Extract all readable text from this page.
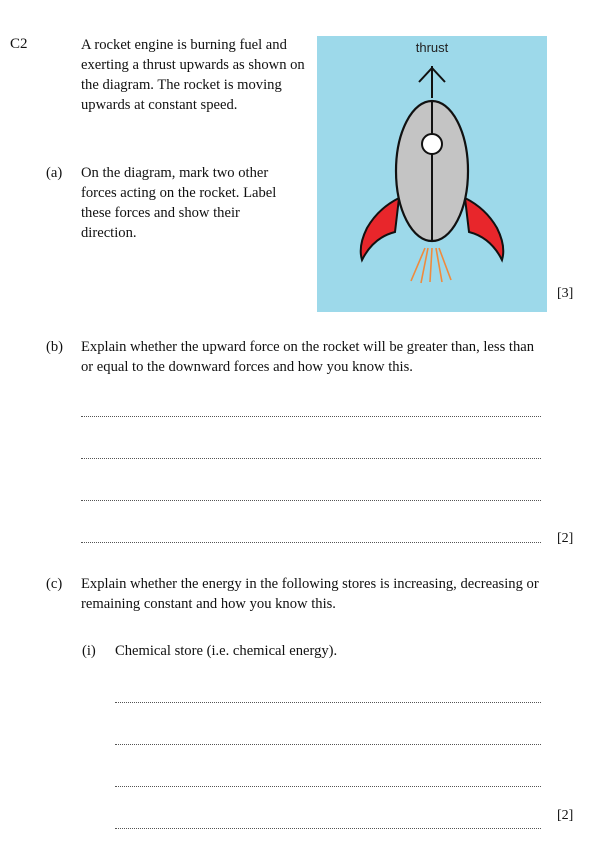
C2	A rocket engine is burning fuel and exerting a thrust upwards as shown on the diagram. The rocket is moving upwards at constant speed.
(a) On the diagram, mark two other forces acting on the rocket. Label these forces and show their direction.
thrust
[3]
(b) Explain whether the upward force on the rocket will be greater than, less than or equal to the downward forces and how you know this.
[2]
(c) Explain whether the energy in the following stores is increasing, decreasing or remaining constant and how you know this.
(i) Chemical store (i.e. chemical energy).
[2]
